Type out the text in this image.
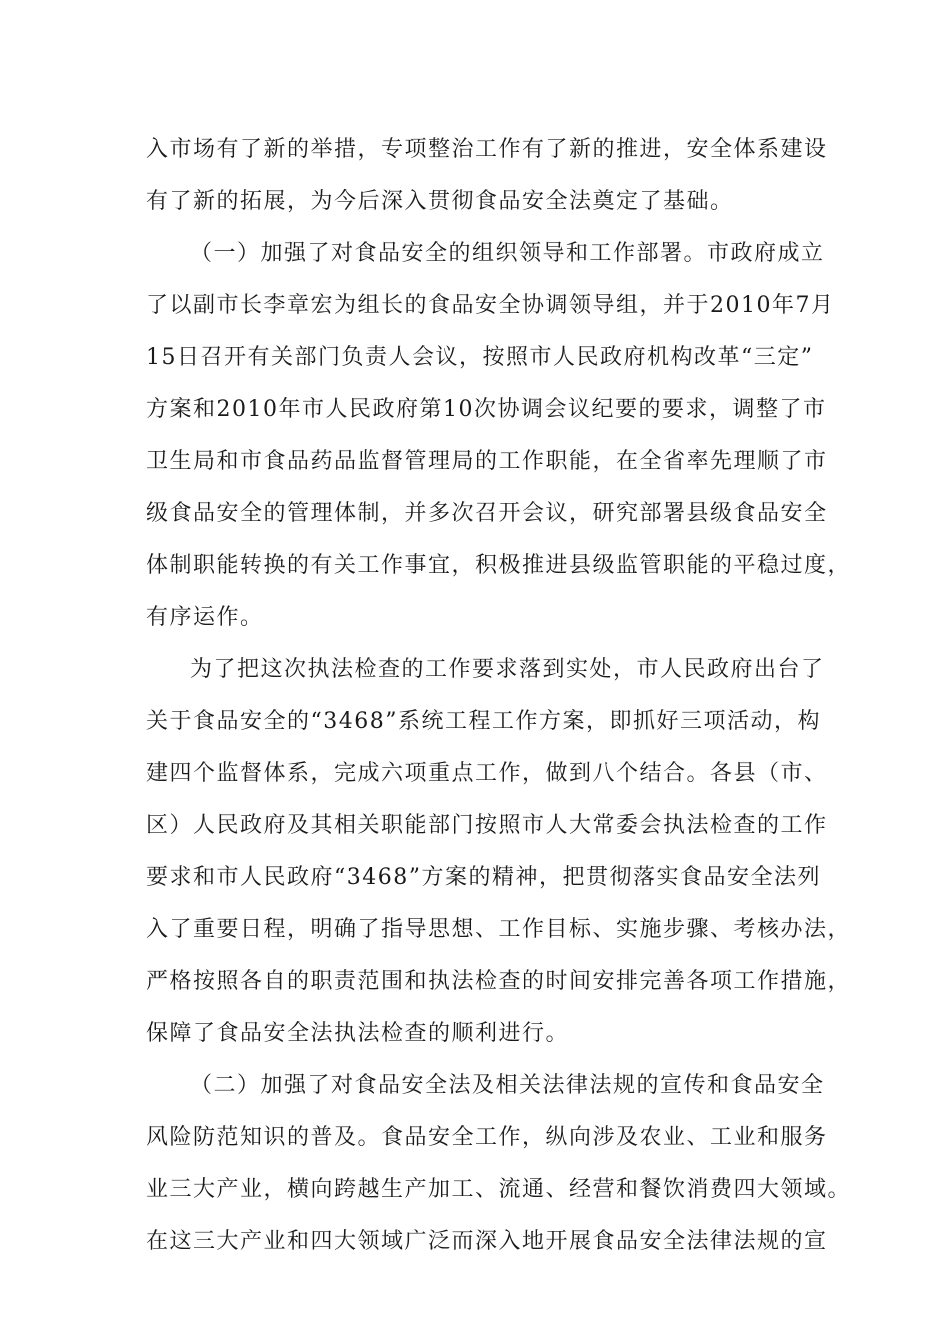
入市场有了新的举措，专项整治工作有了新的推进，安全体系建设
有了新的拓展，为今后深入贯彻食品安全法奠定了基础。
（一）加强了对食品安全的组织领导和工作部署。市政府成立
了以副市长李章宏为组长的食品安全协调领导组，并于2010年7月
15日召开有关部门负责人会议，按照市人民政府机构改革“三定”
方案和2010年市人民政府第10次协调会议纪要的要求，调整了市
卫生局和市食品药品监督管理局的工作职能，在全省率先理顺了市
级食品安全的管理体制，并多次召开会议，研究部署县级食品安全
体制职能转换的有关工作事宜，积极推进县级监管职能的平稳过度，
有序运作。
为了把这次执法检查的工作要求落到实处，市人民政府出台了
关于食品安全的“3468”系统工程工作方案，即抓好三项活动，构
建四个监督体系，完成六项重点工作，做到八个结合。各县（市、
区）人民政府及其相关职能部门按照市人大常委会执法检查的工作
要求和市人民政府“3468”方案的精神，把贯彻落实食品安全法列
入了重要日程，明确了指导思想、工作目标、实施步骤、考核办法，
严格按照各自的职责范围和执法检查的时间安排完善各项工作措施，
保障了食品安全法执法检查的顺利进行。
（二）加强了对食品安全法及相关法律法规的宣传和食品安全
风险防范知识的普及。食品安全工作，纵向涉及农业、工业和服务
业三大产业，横向跨越生产加工、流通、经营和餐饮消费四大领域。
在这三大产业和四大领域广泛而深入地开展食品安全法律法规的宣
